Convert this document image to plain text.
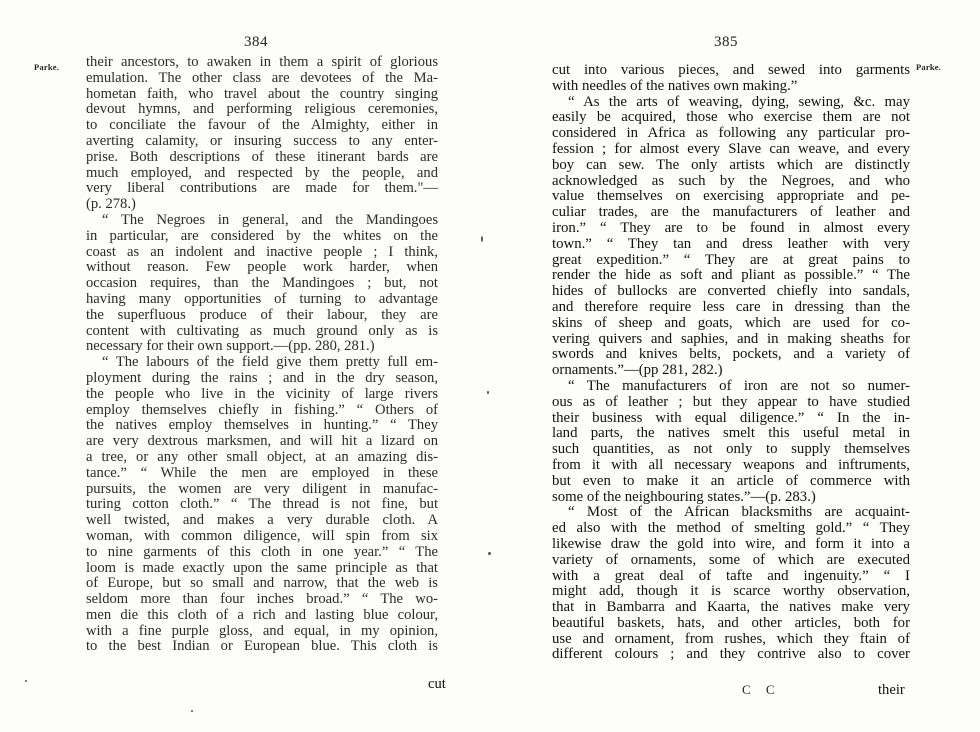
384
Parke. their ancestors, to awaken in them a spirit of glorious
emulation. The other class are devotees of the Ma-
hometan faith, who travel about the country singing
devout hymns, and performing religious ceremonies,
to conciliate the favour of the Almighty, either in
averting calamity, or insuring success to any enter-
prise. Both descriptions of these itinerant bards are
much employed, and respected by the people, and
very liberal contributions are made for them."—
(p. 278.)
“ The Negroes in general, and the Mandingoes
in particular, are considered by the whites on the
coast as an indolent and inactive people ; I think,
without reason. Few people work harder, when
occasion requires, than the Mandingoes ; but, not
having many opportunities of turning to advantage
the superfluous produce of their labour, they are
content with cultivating as much ground only as is
necessary for their own support.—(pp. 280, 281.)
“ The labours of the field give them pretty full em-
ployment during the rains ; and in the dry season,
the people who live in the vicinity of large rivers
employ themselves chiefly in fishing.” “ Others of
the natives employ themselves in hunting.” “ They
are very dextrous marksmen, and will hit a lizard on
a tree, or any other small object, at an amazing dis-
tance.” “ While the men are employed in these
pursuits, the women are very diligent in manufac-
turing cotton cloth.” “ The thread is not fine, but
well twisted, and makes a very durable cloth. A
woman, with common diligence, will spin from six
to nine garments of this cloth in one year.” “ The
loom is made exactly upon the same principle as that
of Europe, but so small and narrow, that the web is
seldom more than four inches broad.” “ The wo-
men die this cloth of a rich and lasting blue colour,
with a fine purple gloss, and equal, in my opinion,
to the best Indian or European blue. This cloth is
cut
385
Parke.
cut into various pieces, and sewed into garments
with needles of the natives own making.”
“ As the arts of weaving, dying, sewing, &c. may
easily be acquired, those who exercise them are not
considered in Africa as following any particular pro-
fession ; for almost every Slave can weave, and every
boy can sew. The only artists which are distinctly
acknowledged as such by the Negroes, and who
value themselves on exercising appropriate and pe-
culiar trades, are the manufacturers of leather and
iron.” “ They are to be found in almost every
town.” “ They tan and dress leather with very
great expedition.” “ They are at great pains to
render the hide as soft and pliant as possible.” “ The
hides of bullocks are converted chiefly into sandals,
and therefore require less care in dressing than the
skins of sheep and goats, which are used for co-
vering quivers and saphies, and in making sheaths for
swords and knives belts, pockets, and a variety of
ornaments.”—(pp 281, 282.)
“ The manufacturers of iron are not so numer-
ous as of leather ; but they appear to have studied
their business with equal diligence.” “ In the in-
land parts, the natives smelt this useful metal in
such quantities, as not only to supply themselves
from it with all necessary weapons and inftruments,
but even to make it an article of commerce with
some of the neighbouring states.”—(p. 283.)
“ Most of the African blacksmiths are acquaint-
ed also with the method of smelting gold.” “ They
likewise draw the gold into wire, and form it into a
variety of ornaments, some of which are executed
with a great deal of tafte and ingenuity.” “ I
might add, though it is scarce worthy observation,
that in Bambarra and Kaarta, the natives make very
beautiful baskets, hats, and other articles, both for
use and ornament, from rushes, which they ftain of
different colours ; and they contrive also to cover
C C	their
